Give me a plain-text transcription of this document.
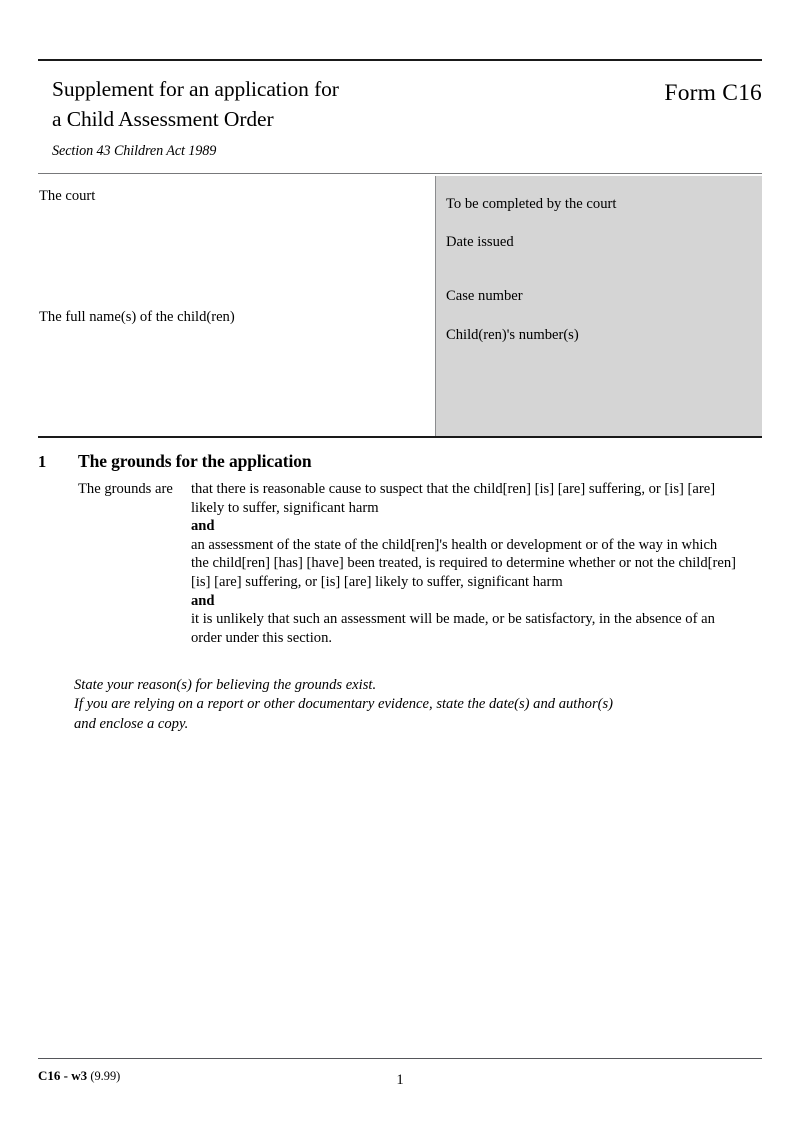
Supplement for an application for
a Child Assessment Order
Form C16
Section 43 Children Act 1989
The court
The full name(s) of the child(ren)
To be completed by the court
Date issued
Case number
Child(ren)'s number(s)
1 The grounds for the application
The grounds are that there is reasonable cause to suspect that the child[ren] [is] [are] suffering, or [is] [are] likely to suffer, significant harm

and

an assessment of the state of the child[ren]'s health or development or of the way in which the child[ren] [has] [have] been treated, is required to determine whether or not the child[ren] [is] [are] suffering, or [is] [are] likely to suffer, significant harm

and

it is unlikely that such an assessment will be made, or be satisfactory, in the absence of an order under this section.

State your reason(s) for believing the grounds exist.
If you are relying on a report or other documentary evidence, state the date(s) and author(s)
and enclose a copy.
C16 - w3 (9.99)	1
